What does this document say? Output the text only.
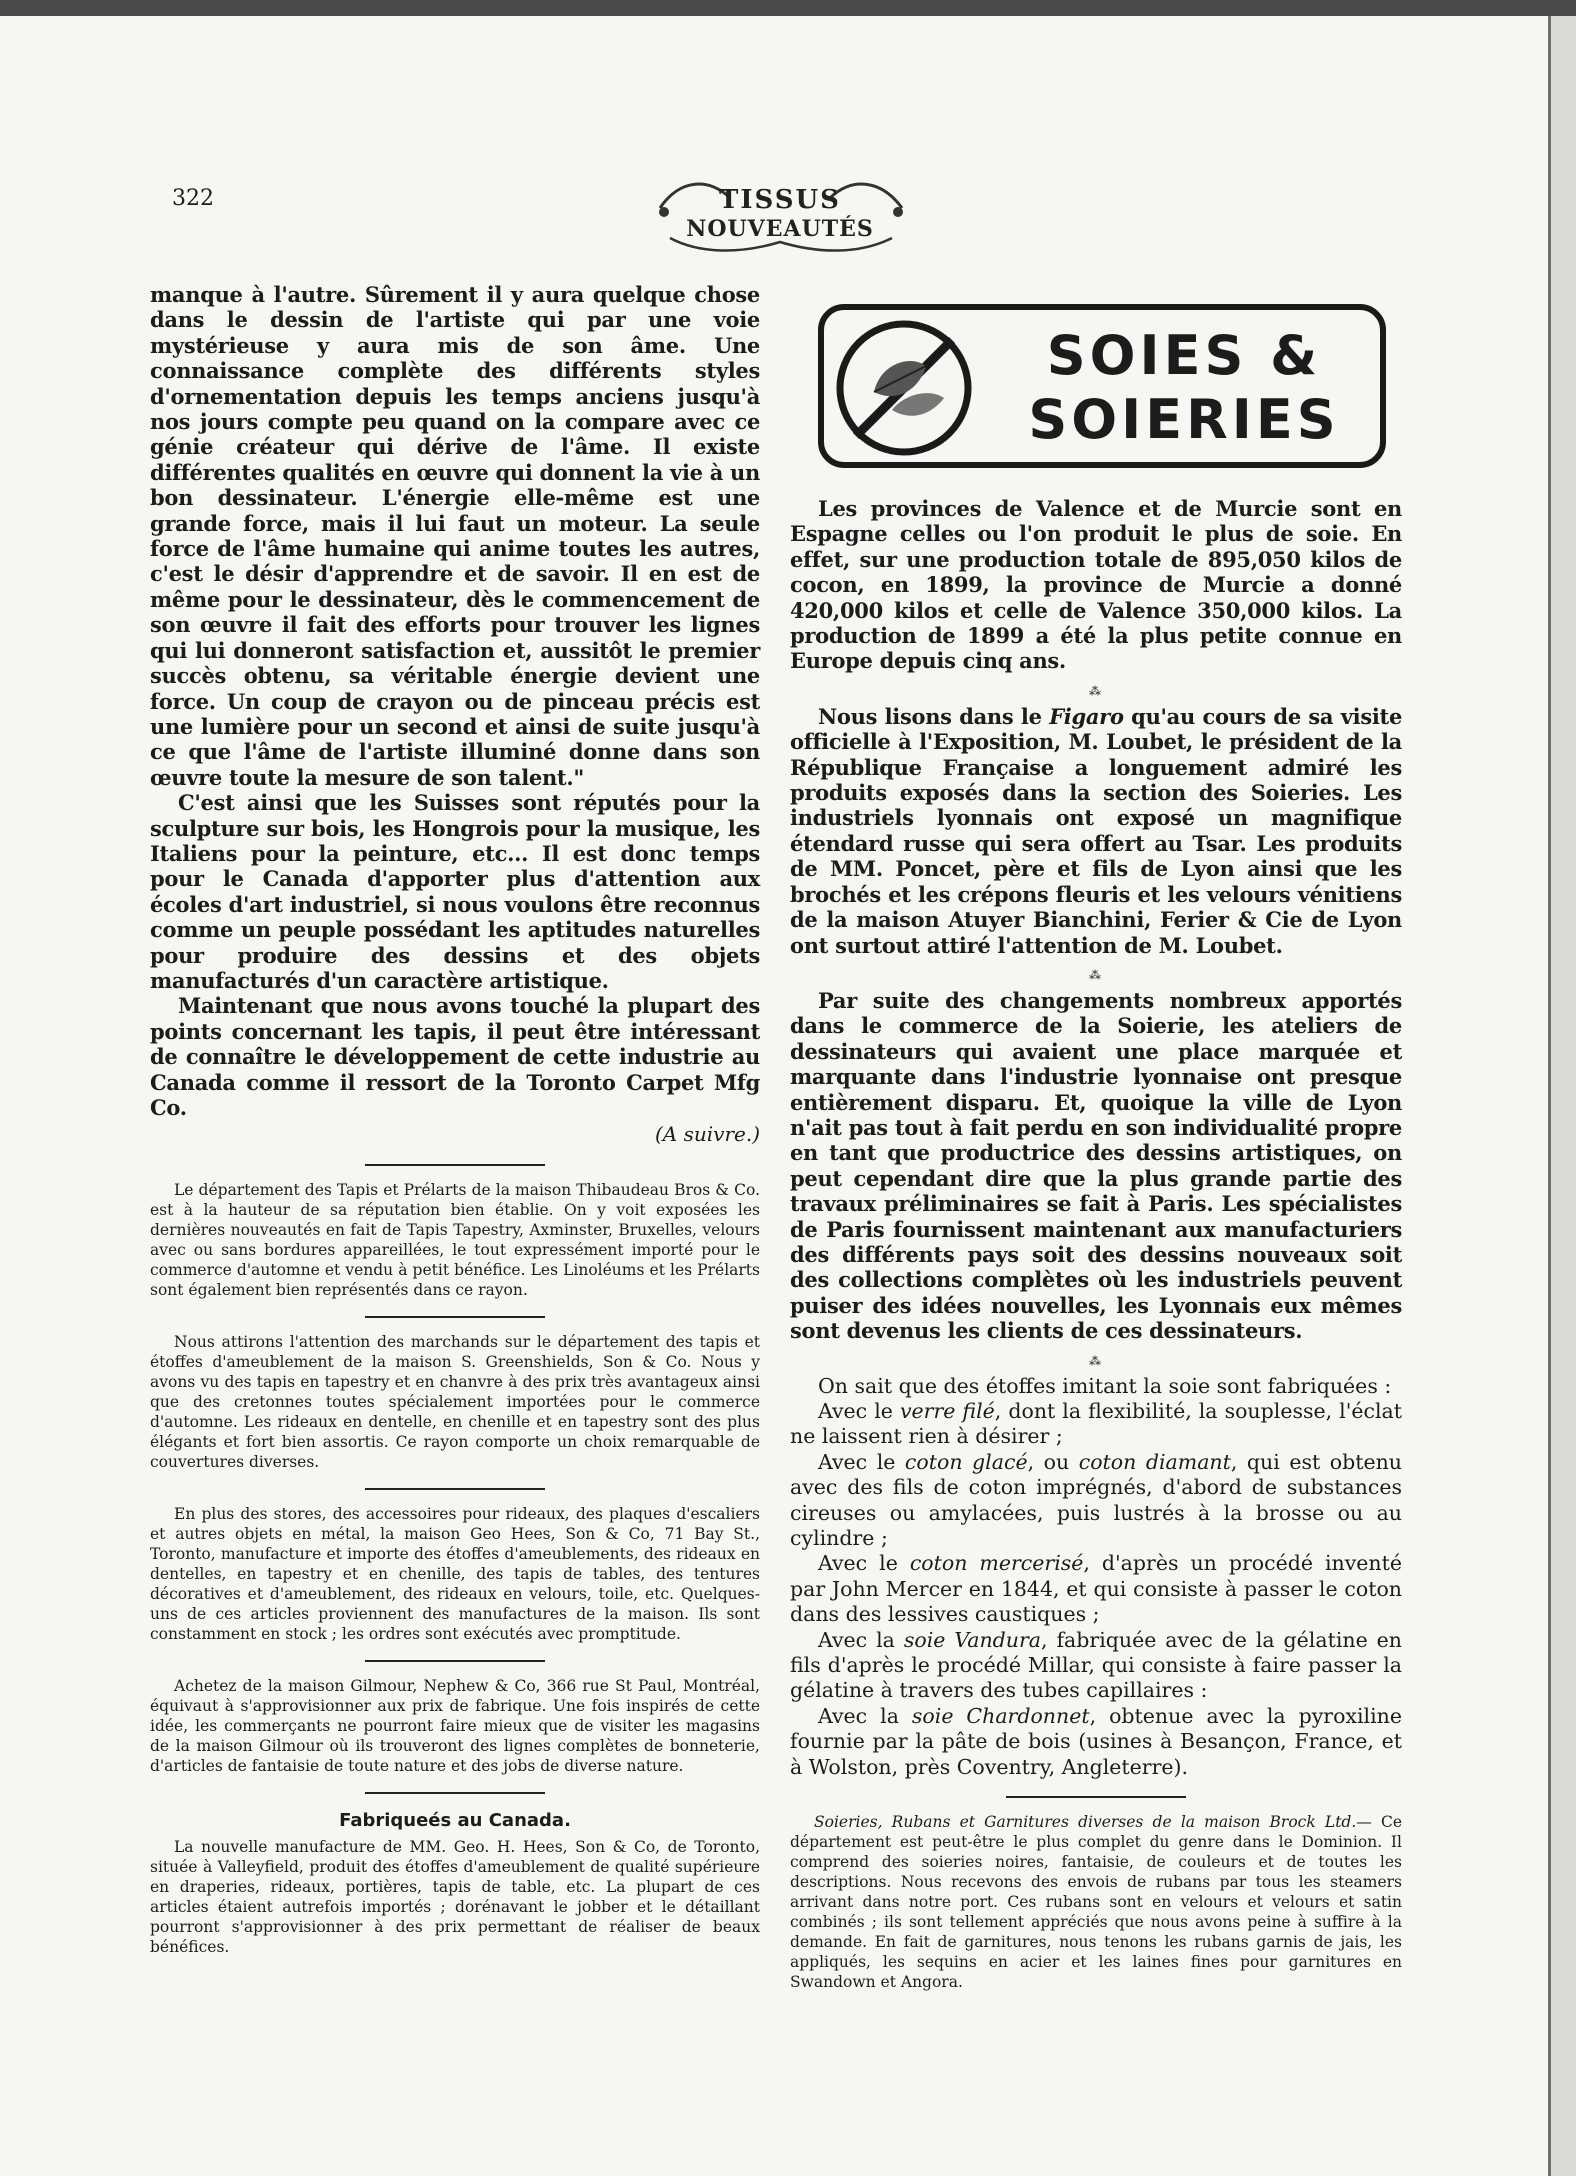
322	TISSUS
NOUVEAUTÉS
SOIES &
SOIERIES

manque à l'autre. Sûrement il y aura quelque chose dans le dessin de l'artiste qui par une voie mystérieuse y aura mis de son âme. Une connaissance complète des différents styles d'ornementation depuis les temps anciens jusqu'à nos jours compte peu quand on la compare avec ce génie créateur qui dérive de l'âme. Il existe différentes qualités en œuvre qui donnent la vie à un bon dessinateur. L'énergie elle-même est une grande force, mais il lui faut un moteur. La seule force de l'âme humaine qui anime toutes les autres, c'est le désir d'apprendre et de savoir. Il en est de même pour le dessinateur, dès le commencement de son œuvre il fait des efforts pour trouver les lignes qui lui donneront satisfaction et, aussitôt le premier succès obtenu, sa véritable énergie devient une force. Un coup de crayon ou de pinceau précis est une lumière pour un second et ainsi de suite jusqu'à ce que l'âme de l'artiste illuminé donne dans son œuvre toute la mesure de son talent."

C'est ainsi que les Suisses sont réputés pour la sculpture sur bois, les Hongrois pour la musique, les Italiens pour la peinture, etc... Il est donc temps pour le Canada d'apporter plus d'attention aux écoles d'art industriel, si nous voulons être reconnus comme un peuple possédant les aptitudes naturelles pour produire des dessins et des objets manufacturés d'un caractère artistique.

Maintenant que nous avons touché la plupart des points concernant les tapis, il peut être intéressant de connaître le développement de cette industrie au Canada comme il ressort de la Toronto Carpet Mfg Co.

(A suivre.)

Le département des Tapis et Prélarts de la maison Thibaudeau Bros & Co. est à la hauteur de sa réputation bien établie. On y voit exposées les dernières nouveautés en fait de Tapis Tapestry, Axminster, Bruxelles, velours avec ou sans bordures appareillées, le tout expressément importé pour le commerce d'automne et vendu à petit bénéfice. Les Linoléums et les Prélarts sont également bien représentés dans ce rayon.

Nous attirons l'attention des marchands sur le département des tapis et étoffes d'ameublement de la maison S. Greenshields, Son & Co. Nous y avons vu des tapis en tapestry et en chanvre à des prix très avantageux ainsi que des cretonnes toutes spécialement importées pour le commerce d'automne. Les rideaux en dentelle, en chenille et en tapestry sont des plus élégants et fort bien assortis. Ce rayon comporte un choix remarquable de couvertures diverses.

En plus des stores, des accessoires pour rideaux, des plaques d'escaliers et autres objets en métal, la maison Geo Hees, Son & Co, 71 Bay St., Toronto, manufacture et importe des étoffes d'ameublements, des rideaux en dentelles, en tapestry et en chenille, des tapis de tables, des tentures décoratives et d'ameublement, des rideaux en velours, toile, etc. Quelques-uns de ces articles proviennent des manufactures de la maison. Ils sont constamment en stock ; les ordres sont exécutés avec promptitude.

Achetez de la maison Gilmour, Nephew & Co, 366 rue St Paul, Montréal, équivaut à s'approvisionner aux prix de fabrique. Une fois inspirés de cette idée, les commerçants ne pourront faire mieux que de visiter les magasins de la maison Gilmour où ils trouveront des lignes complètes de bonneterie, d'articles de fantaisie de toute nature et des jobs de diverse nature.

Fabriqueés au Canada.

La nouvelle manufacture de MM. Geo. H. Hees, Son & Co, de Toronto, située à Valleyfield, produit des étoffes d'ameublement de qualité supérieure en draperies, rideaux, portières, tapis de table, etc. La plupart de ces articles étaient autrefois importés ; dorénavant le jobber et le détaillant pourront s'approvisionner à des prix permettant de réaliser de beaux bénéfices.

Les provinces de Valence et de Murcie sont en Espagne celles ou l'on produit le plus de soie. En effet, sur une production totale de 895,050 kilos de cocon, en 1899, la province de Murcie a donné 420,000 kilos et celle de Valence 350,000 kilos. La production de 1899 a été la plus petite connue en Europe depuis cinq ans.

⁂

Nous lisons dans le Figaro qu'au cours de sa visite officielle à l'Exposition, M. Loubet, le président de la République Française a longuement admiré les produits exposés dans la section des Soieries. Les industriels lyonnais ont exposé un magnifique étendard russe qui sera offert au Tsar. Les produits de MM. Poncet, père et fils de Lyon ainsi que les brochés et les crépons fleuris et les velours vénitiens de la maison Atuyer Bianchini, Ferier & Cie de Lyon ont surtout attiré l'attention de M. Loubet.

⁂

Par suite des changements nombreux apportés dans le commerce de la Soierie, les ateliers de dessinateurs qui avaient une place marquée et marquante dans l'industrie lyonnaise ont presque entièrement disparu. Et, quoique la ville de Lyon n'ait pas tout à fait perdu en son individualité propre en tant que productrice des dessins artistiques, on peut cependant dire que la plus grande partie des travaux préliminaires se fait à Paris. Les spécialistes de Paris fournissent maintenant aux manufacturiers des différents pays soit des dessins nouveaux soit des collections complètes où les industriels peuvent puiser des idées nouvelles, les Lyonnais eux mêmes sont devenus les clients de ces dessinateurs.

⁂

On sait que des étoffes imitant la soie sont fabriquées :

Avec le verre filé, dont la flexibilité, la souplesse, l'éclat ne laissent rien à désirer ;

Avec le coton glacé, ou coton diamant, qui est obtenu avec des fils de coton imprégnés, d'abord de substances cireuses ou amylacées, puis lustrés à la brosse ou au cylindre ;

Avec le coton mercerisé, d'après un procédé inventé par John Mercer en 1844, et qui consiste à passer le coton dans des lessives caustiques ;

Avec la soie Vandura, fabriquée avec de la gélatine en fils d'après le procédé Millar, qui consiste à faire passer la gélatine à travers des tubes capillaires :

Avec la soie Chardonnet, obtenue avec la pyroxiline fournie par la pâte de bois (usines à Besançon, France, et à Wolston, près Coventry, Angleterre).

Soieries, Rubans et Garnitures diverses de la maison Brock Ltd.— Ce département est peut-être le plus complet du genre dans le Dominion. Il comprend des soieries noires, fantaisie, de couleurs et de toutes les descriptions. Nous recevons des envois de rubans par tous les steamers arrivant dans notre port. Ces rubans sont en velours et velours et satin combinés ; ils sont tellement appréciés que nous avons peine à suffire à la demande. En fait de garnitures, nous tenons les rubans garnis de jais, les appliqués, les sequins en acier et les laines fines pour garnitures en Swandown et Angora.
